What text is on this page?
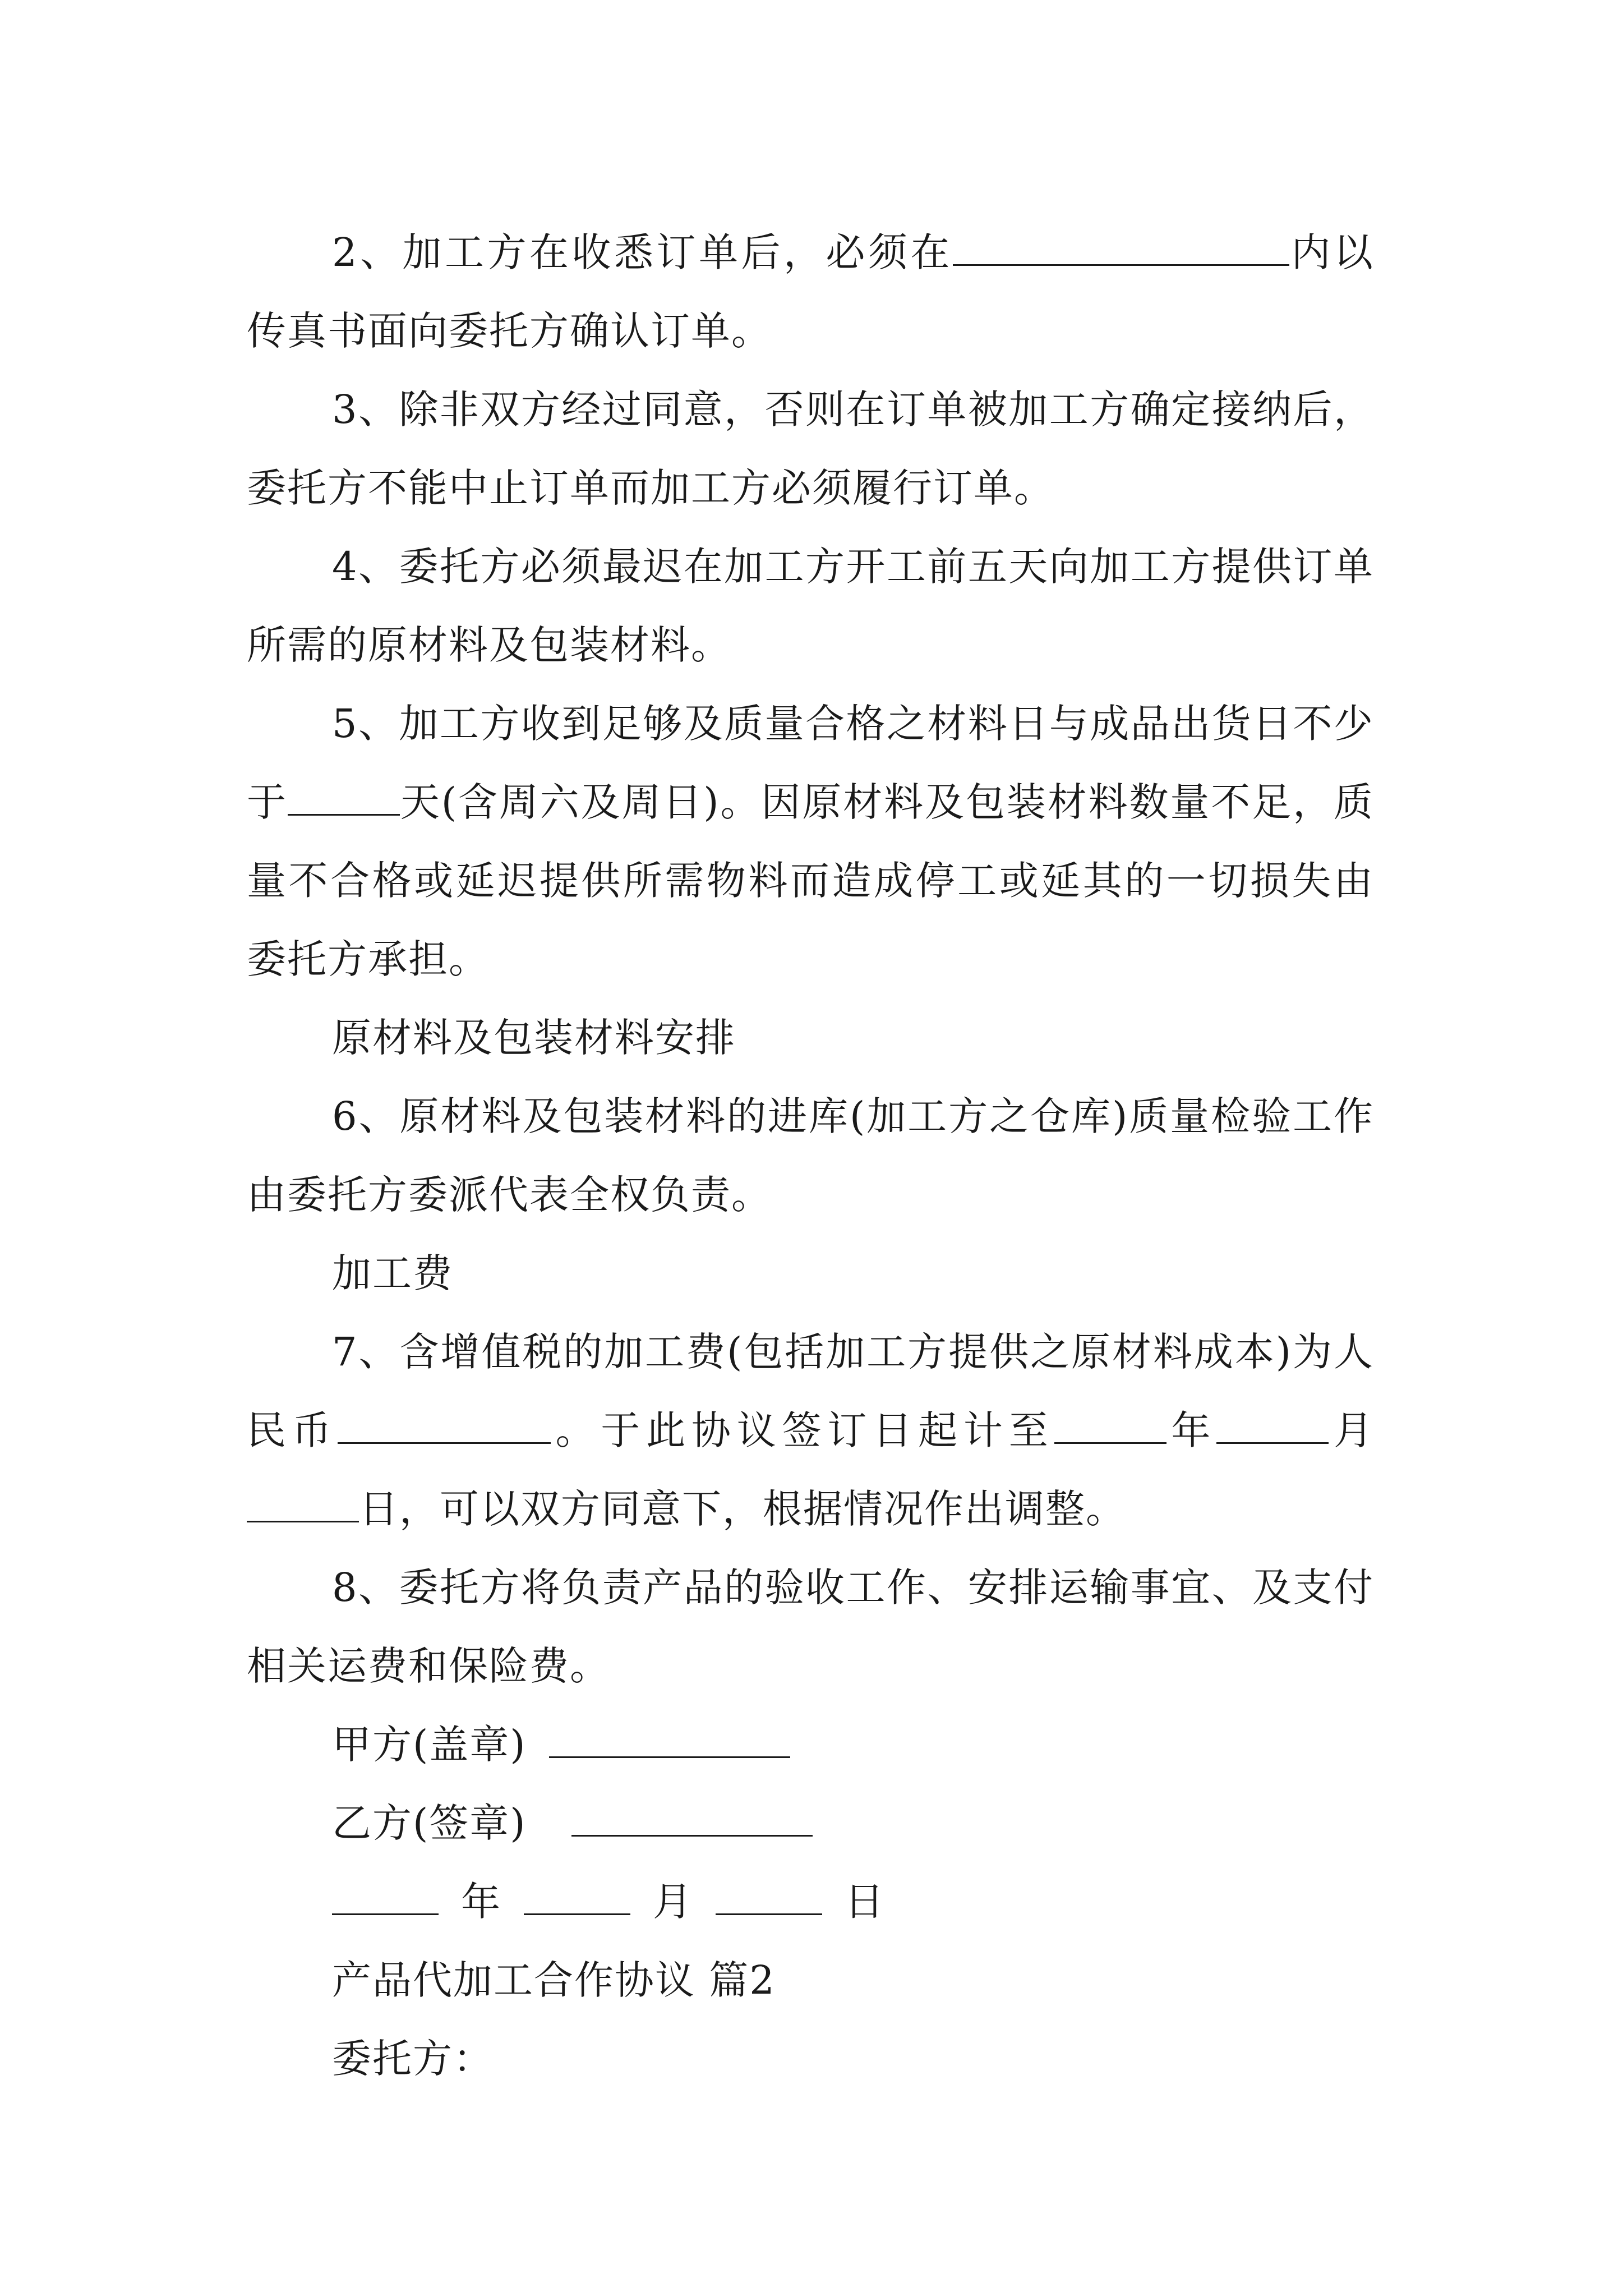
2、加工方在收悉订单后，必须在	内以传真书面向委托方确认订单。

3、除非双方经过同意，否则在订单被加工方确定接纳后，委托方不能中止订单而加工方必须履行订单。

4、委托方必须最迟在加工方开工前五天向加工方提供订单所需的原材料及包装材料。

5、加工方收到足够及质量合格之材料日与成品出货日不少于	天(含周六及周日)。因原材料及包装材料数量不足，质量不合格或延迟提供所需物料而造成停工或延其的一切损失由委托方承担。

原材料及包装材料安排

6、原材料及包装材料的进库(加工方之仓库)质量检验工作由委托方委派代表全权负责。

加工费

7、含增值税的加工费(包括加工方提供之原材料成本)为人民币	。于此协议签订日起计至	年	月日，可以双方同意下，根据情况作出调整。

8、委托方将负责产品的验收工作、安排运输事宜、及支付相关运费和保险费。

甲方(盖章)

乙方(签章)

年	月	日

产品代加工合作协议 篇2

委托方：
